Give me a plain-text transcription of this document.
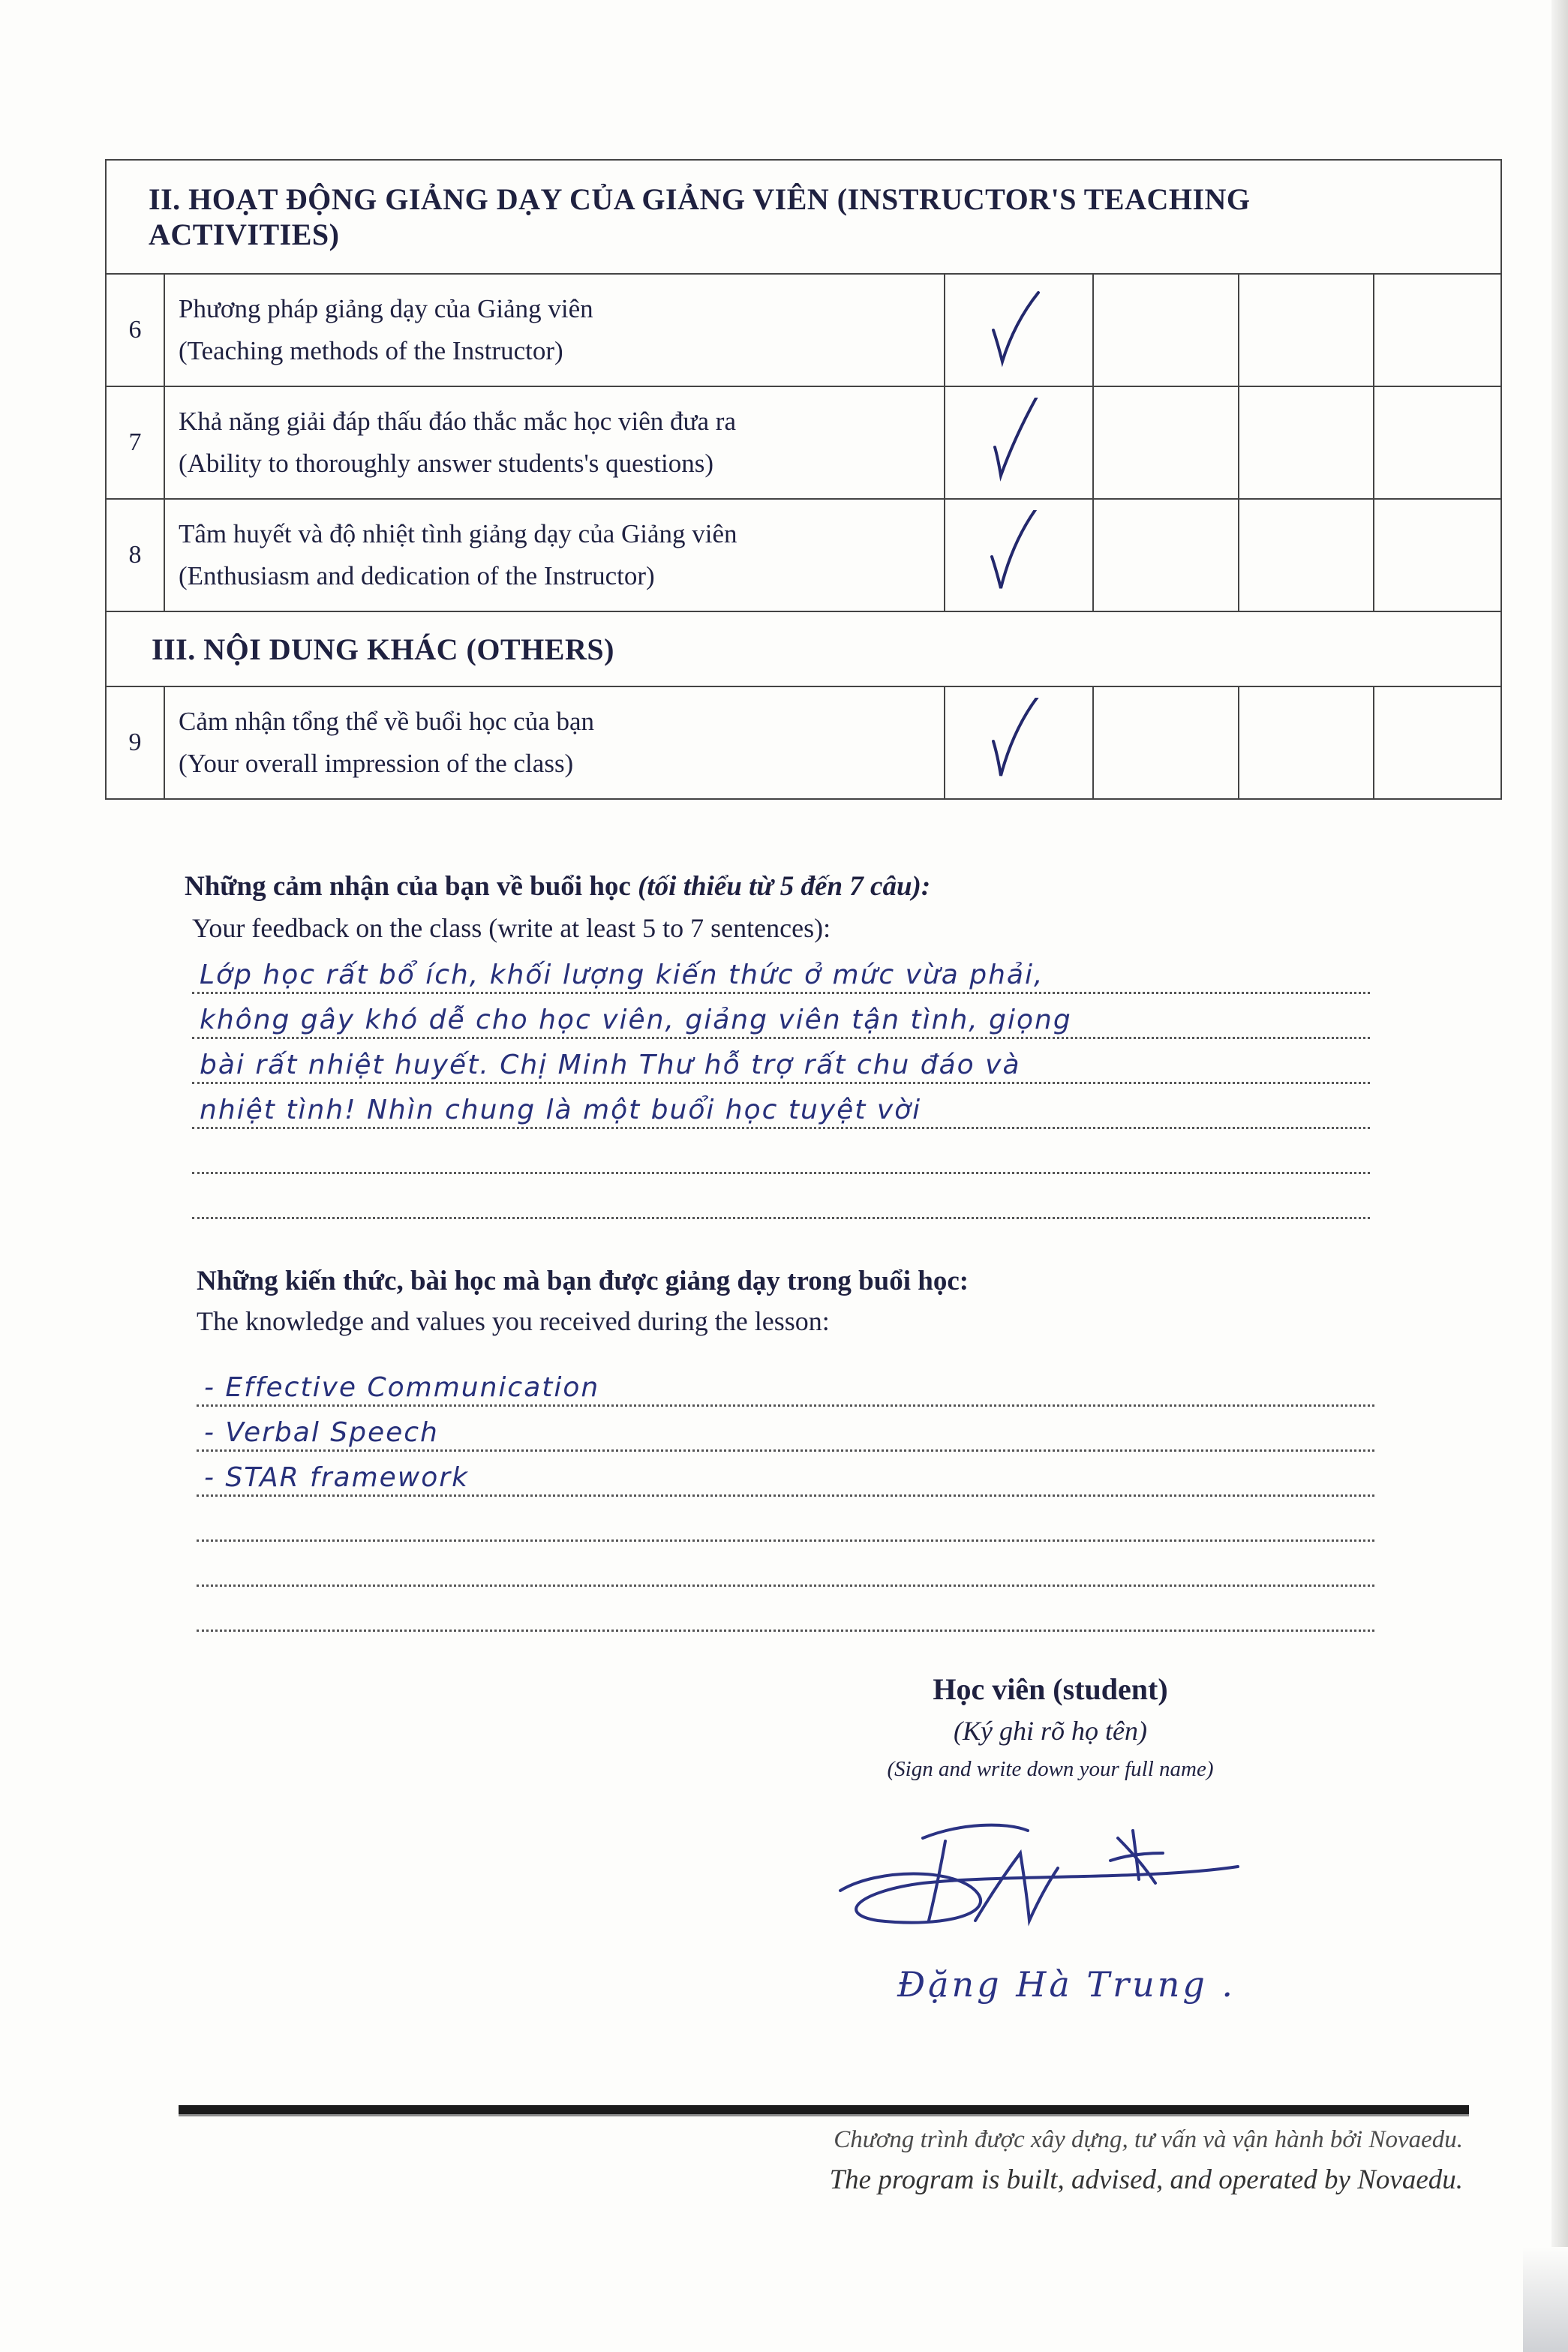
II. HOẠT ĐỘNG GIẢNG DẠY CỦA GIẢNG VIÊN (INSTRUCTOR'S TEACHING
ACTIVITIES)					

6	Phương pháp giảng dạy của Giảng viên
(Teaching methods of the Instructor)

7	Khả năng giải đáp thấu đáo thắc mắc học viên đưa ra
(Ability to thoroughly answer students's questions)

8	Tâm huyết và độ nhiệt tình giảng dạy của Giảng viên
(Enthusiasm and dedication of the Instructor)

III. NỘI DUNG KHÁC (OTHERS)					
9	Cảm nhận tổng thể về buổi học của bạn
(Your overall impression of the class)

Những cảm nhận của bạn về buổi học (tối thiểu từ 5 đến 7 câu):
Your feedback on the class (write at least 5 to 7 sentences):
Lớp học rất bổ ích, khối lượng kiến thức ở mức vừa phải,
không gây khó dễ cho học viên, giảng viên tận tình, giọng
bài rất nhiệt huyết. Chị Minh Thư hỗ trợ rất chu đáo và
nhiệt tình! Nhìn chung là một buổi học tuyệt vời
Những kiến thức, bài học mà bạn được giảng dạy trong buổi học:
The knowledge and values you received during the lesson:
- Effective Communication
- Verbal Speech
- STAR framework
Học viên (student)
(Ký ghi rõ họ tên)
(Sign and write down your full name)
Đặng Hà Trung .
Chương trình được xây dựng, tư vấn và vận hành bởi Novaedu.
The program is built, advised, and operated by Novaedu.
